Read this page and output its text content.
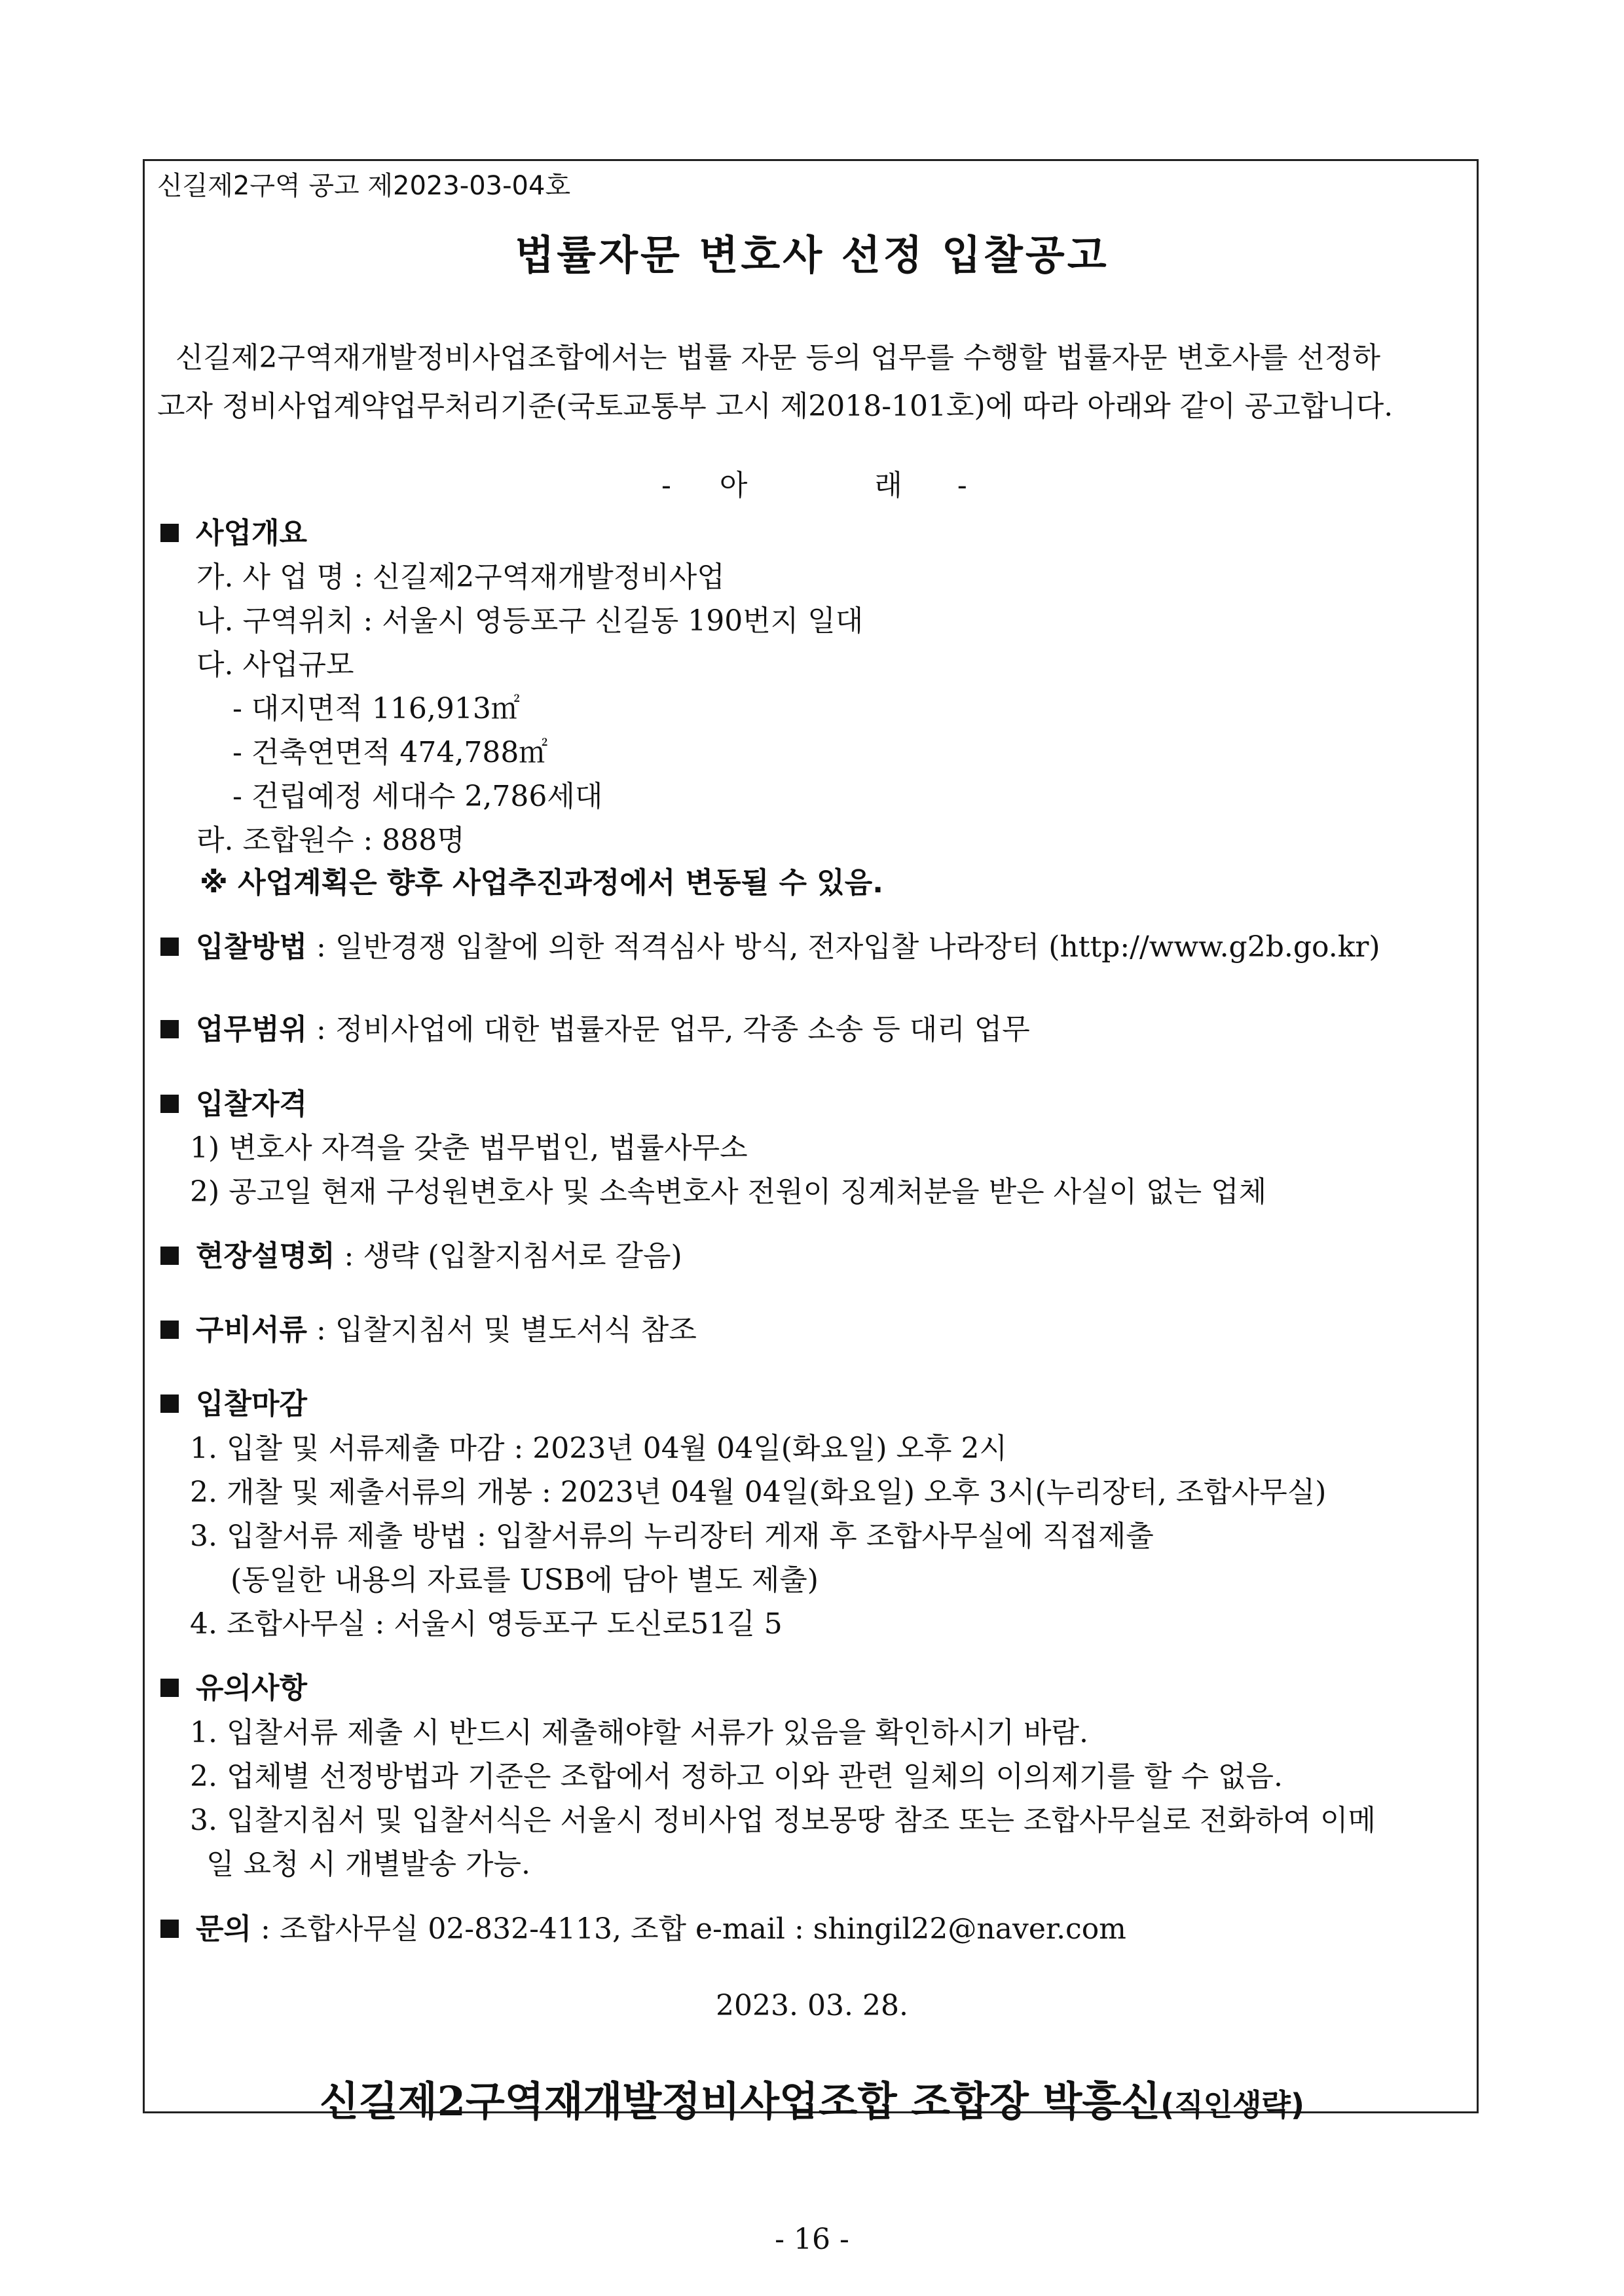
신길제2구역 공고 제2023-03-04호
법률자문 변호사 선정 입찰공고

신길제2구역재개발정비사업조합에서는 법률 자문 등의 업무를 수행할 법률자문 변호사를 선정하

고자 정비사업계약업무처리기준(국토교통부 고시 제2018-101호)에 따라 아래와 같이 공고합니다.

- 아	래 -
사업개요
가. 사 업 명 : 신길제2구역재개발정비사업
나. 구역위치 : 서울시 영등포구 신길동 190번지 일대
다. 사업규모
- 대지면적 116,913㎡
- 건축연면적 474,788㎡
- 건립예정 세대수 2,786세대
라. 조합원수 : 888명
※ 사업계획은 향후 사업추진과정에서 변동될 수 있음.
입찰방법 : 일반경쟁 입찰에 의한 적격심사 방식, 전자입찰 나라장터 (http://www.g2b.go.kr)
업무범위 : 정비사업에 대한 법률자문 업무, 각종 소송 등 대리 업무
입찰자격
1) 변호사 자격을 갖춘 법무법인, 법률사무소
2) 공고일 현재 구성원변호사 및 소속변호사 전원이 징계처분을 받은 사실이 없는 업체
현장설명회 : 생략 (입찰지침서로 갈음)
구비서류 : 입찰지침서 및 별도서식 참조
입찰마감
1. 입찰 및 서류제출 마감 : 2023년 04월 04일(화요일) 오후 2시
2. 개찰 및 제출서류의 개봉 : 2023년 04월 04일(화요일) 오후 3시(누리장터, 조합사무실)
3. 입찰서류 제출 방법 : 입찰서류의 누리장터 게재 후 조합사무실에 직접제출
(동일한 내용의 자료를 USB에 담아 별도 제출)
4. 조합사무실 : 서울시 영등포구 도신로51길 5
유의사항
1. 입찰서류 제출 시 반드시 제출해야할 서류가 있음을 확인하시기 바람.
2. 업체별 선정방법과 기준은 조합에서 정하고 이와 관련 일체의 이의제기를 할 수 없음.
3. 입찰지침서 및 입찰서식은 서울시 정비사업 정보몽땅 참조 또는 조합사무실로 전화하여 이메
일 요청 시 개별발송 가능.
문의 : 조합사무실 02-832-4113, 조합 e-mail : shingil22@naver.com
2023. 03. 28.
신길제2구역재개발정비사업조합 조합장 박흥신(직인생략)
- 16 -
